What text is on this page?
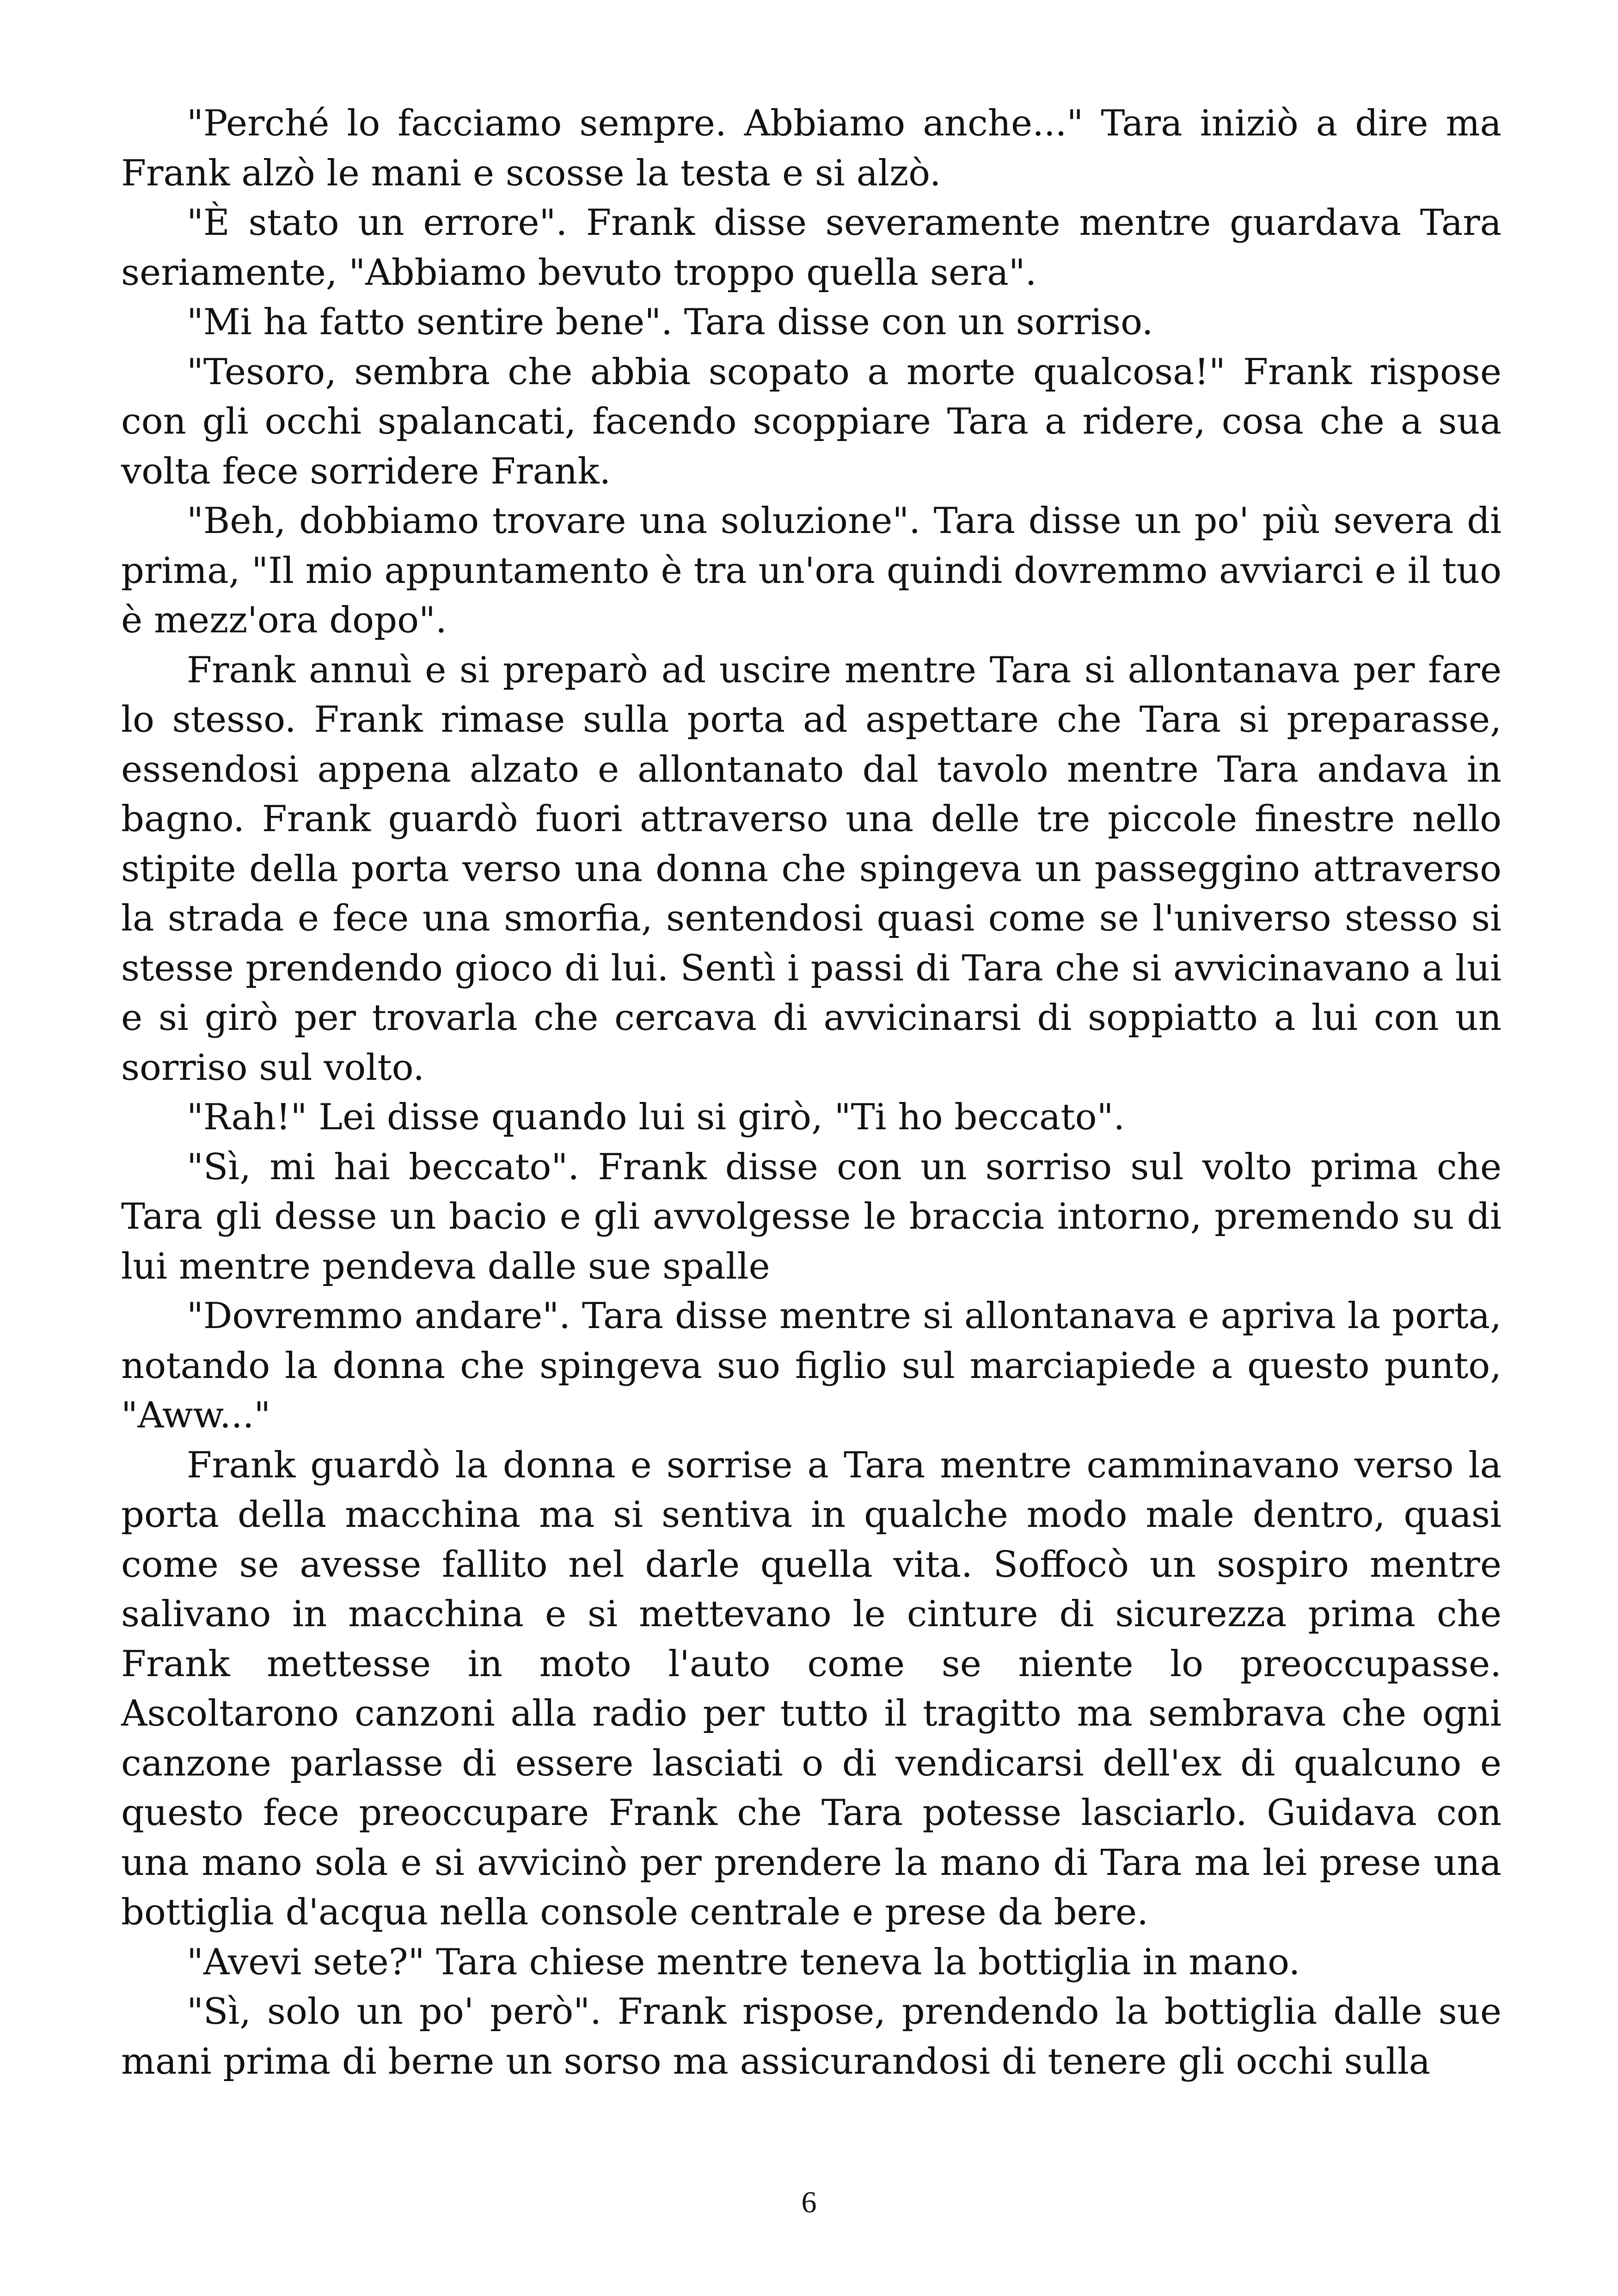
"Perché lo facciamo sempre. Abbiamo anche..." Tara iniziò a dire ma Frank alzò le mani e scosse la testa e si alzò.

"È stato un errore". Frank disse severamente mentre guardava Tara seriamente, "Abbiamo bevuto troppo quella sera".

"Mi ha fatto sentire bene". Tara disse con un sorriso.

"Tesoro, sembra che abbia scopato a morte qualcosa!" Frank rispose con gli occhi spalancati, facendo scoppiare Tara a ridere, cosa che a sua volta fece sorridere Frank.

"Beh, dobbiamo trovare una soluzione". Tara disse un po' più severa di prima, "Il mio appuntamento è tra un'ora quindi dovremmo avviarci e il tuo è mezz'ora dopo".

Frank annuì e si preparò ad uscire mentre Tara si allontanava per fare lo stesso. Frank rimase sulla porta ad aspettare che Tara si preparasse, essendosi appena alzato e allontanato dal tavolo mentre Tara andava in bagno. Frank guardò fuori attraverso una delle tre piccole finestre nello stipite della porta verso una donna che spingeva un passeggino attraverso la strada e fece una smorfia, sentendosi quasi come se l'universo stesso si stesse prendendo gioco di lui. Sentì i passi di Tara che si avvicinavano a lui e si girò per trovarla che cercava di avvicinarsi di soppiatto a lui con un sorriso sul volto.

"Rah!" Lei disse quando lui si girò, "Ti ho beccato".

"Sì, mi hai beccato". Frank disse con un sorriso sul volto prima che Tara gli desse un bacio e gli avvolgesse le braccia intorno, premendo su di lui mentre pendeva dalle sue spalle

"Dovremmo andare". Tara disse mentre si allontanava e apriva la porta, notando la donna che spingeva suo figlio sul marciapiede a questo punto, "Aww..."

Frank guardò la donna e sorrise a Tara mentre camminavano verso la porta della macchina ma si sentiva in qualche modo male dentro, quasi come se avesse fallito nel darle quella vita. Soffocò un sospiro mentre salivano in macchina e si mettevano le cinture di sicurezza prima che Frank mettesse in moto l'auto come se niente lo preoccupasse. Ascoltarono canzoni alla radio per tutto il tragitto ma sembrava che ogni canzone parlasse di essere lasciati o di vendicarsi dell'ex di qualcuno e questo fece preoccupare Frank che Tara potesse lasciarlo. Guidava con una mano sola e si avvicinò per prendere la mano di Tara ma lei prese una bottiglia d'acqua nella console centrale e prese da bere.

"Avevi sete?" Tara chiese mentre teneva la bottiglia in mano.

"Sì, solo un po' però". Frank rispose, prendendo la bottiglia dalle sue mani prima di berne un sorso ma assicurandosi di tenere gli occhi sulla

6
